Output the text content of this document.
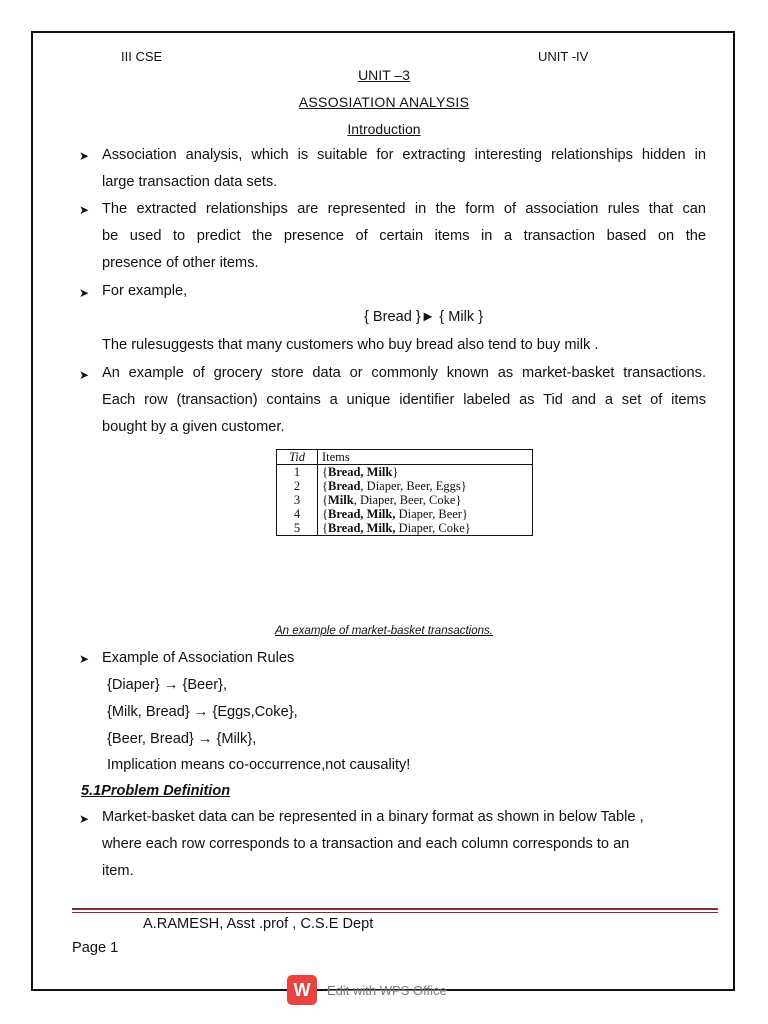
III CSE	UNIT -IV
UNIT –3
ASSOSIATION ANALYSIS
Introduction
➤ Association analysis, which is suitable for extracting interesting relationships hidden in
large transaction data sets.
➤ The extracted relationships are represented in the form of association rules that can
be used to predict the presence of certain items in a transaction based on the
presence of other items.
➤ For example,
{ Bread }► { Milk }
The rulesuggests that many customers who buy bread also tend to buy milk .
➤ An example of grocery store data or commonly known as market-basket transactions.
Each row (transaction) contains a unique identifier labeled as Tid and a set of items
bought by a given customer.
Tid	Items
1	{Bread, Milk}
2	{Bread, Diaper, Beer, Eggs}
3	{Milk, Diaper, Beer, Coke}
4	{Bread, Milk, Diaper, Beer}
5	{Bread, Milk, Diaper, Coke}
An example of market-basket transactions.
➤ Example of Association Rules
{Diaper} → {Beer},
{Milk, Bread} → {Eggs,Coke},
{Beer, Bread} → {Milk},
Implication means co-occurrence,not causality!
5.1Problem Definition
➤ Market-basket data can be represented in a binary format as shown in below Table ,
where each row corresponds to a transaction and each column corresponds to an
item.
A.RAMESH, Asst .prof , C.S.E Dept
Page 1
W	Edit with WPS Office
